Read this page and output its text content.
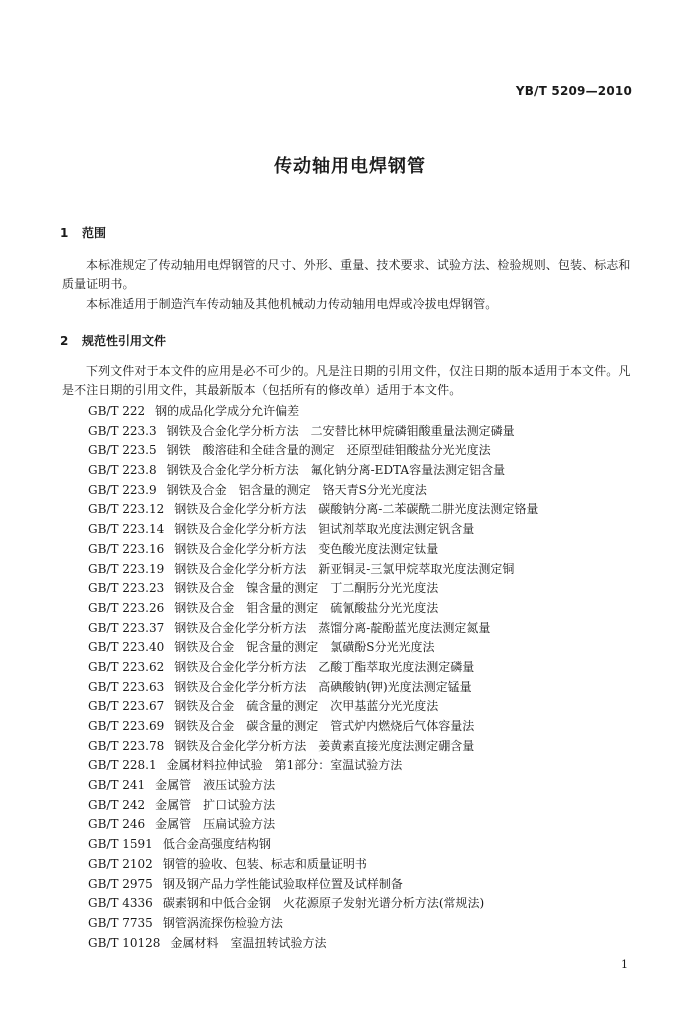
YB/T 5209—2010
传动轴用电焊钢管
1 范围
本标准规定了传动轴用电焊钢管的尺寸、外形、重量、技术要求、试验方法、检验规则、包装、标志和质量证明书。
本标准适用于制造汽车传动轴及其他机械动力传动轴用电焊或冷拔电焊钢管。
2 规范性引用文件
下列文件对于本文件的应用是必不可少的。凡是注日期的引用文件，仅注日期的版本适用于本文件。凡是不注日期的引用文件，其最新版本（包括所有的修改单）适用于本文件。
GB/T 222 钢的成品化学成分允许偏差
GB/T 223.3 钢铁及合金化学分析方法　二安替比林甲烷磷钼酸重量法测定磷量
GB/T 223.5 钢铁　酸溶硅和全硅含量的测定　还原型硅钼酸盐分光光度法
GB/T 223.8 钢铁及合金化学分析方法　氟化钠分离-EDTA容量法测定铝含量
GB/T 223.9 钢铁及合金　铝含量的测定　铬天青S分光光度法
GB/T 223.12 钢铁及合金化学分析方法　碳酸钠分离-二苯碳酰二肼光度法测定铬量
GB/T 223.14 钢铁及合金化学分析方法　钽试剂萃取光度法测定钒含量
GB/T 223.16 钢铁及合金化学分析方法　变色酸光度法测定钛量
GB/T 223.19 钢铁及合金化学分析方法　新亚铜灵-三氯甲烷萃取光度法测定铜
GB/T 223.23 钢铁及合金　镍含量的测定　丁二酮肟分光光度法
GB/T 223.26 钢铁及合金　钼含量的测定　硫氰酸盐分光光度法
GB/T 223.37 钢铁及合金化学分析方法　蒸馏分离-靛酚蓝光度法测定氮量
GB/T 223.40 钢铁及合金　铌含量的测定　氯磺酚S分光光度法
GB/T 223.62 钢铁及合金化学分析方法　乙酸丁酯萃取光度法测定磷量
GB/T 223.63 钢铁及合金化学分析方法　高碘酸钠(钾)光度法测定锰量
GB/T 223.67 钢铁及合金　硫含量的测定　次甲基蓝分光光度法
GB/T 223.69 钢铁及合金　碳含量的测定　管式炉内燃烧后气体容量法
GB/T 223.78 钢铁及合金化学分析方法　姜黄素直接光度法测定硼含量
GB/T 228.1 金属材料拉伸试验　第1部分：室温试验方法
GB/T 241 金属管　液压试验方法
GB/T 242 金属管　扩口试验方法
GB/T 246 金属管　压扁试验方法
GB/T 1591 低合金高强度结构钢
GB/T 2102 钢管的验收、包装、标志和质量证明书
GB/T 2975 钢及钢产品力学性能试验取样位置及试样制备
GB/T 4336 碳素钢和中低合金钢　火花源原子发射光谱分析方法(常规法)
GB/T 7735 钢管涡流探伤检验方法
GB/T 10128 金属材料　室温扭转试验方法
1
